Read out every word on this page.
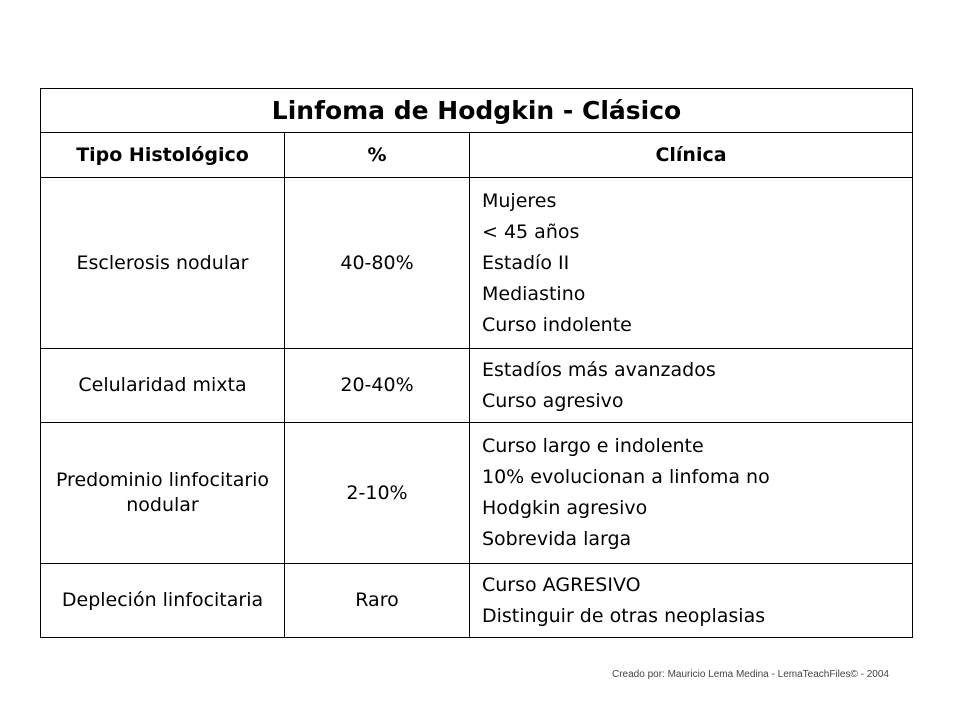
Linfoma de Hodgkin - Clásico		
Tipo Histológico	%	Clínica
Esclerosis nodular	40-80%	Mujeres
< 45 años
Estadío II
Mediastino
Curso indolente

Celularidad mixta	20-40%	Estadíos más avanzados
Curso agresivo

Predominio linfocitario
nodular	2-10%	Curso largo e indolente
10% evolucionan a linfoma no
Hodgkin agresivo
Sobrevida larga

Depleción linfocitaria	Raro	Curso AGRESIVO
Distinguir de otras neoplasias
Creado por: Mauricio Lema Medina - LemaTeachFiles© - 2004
